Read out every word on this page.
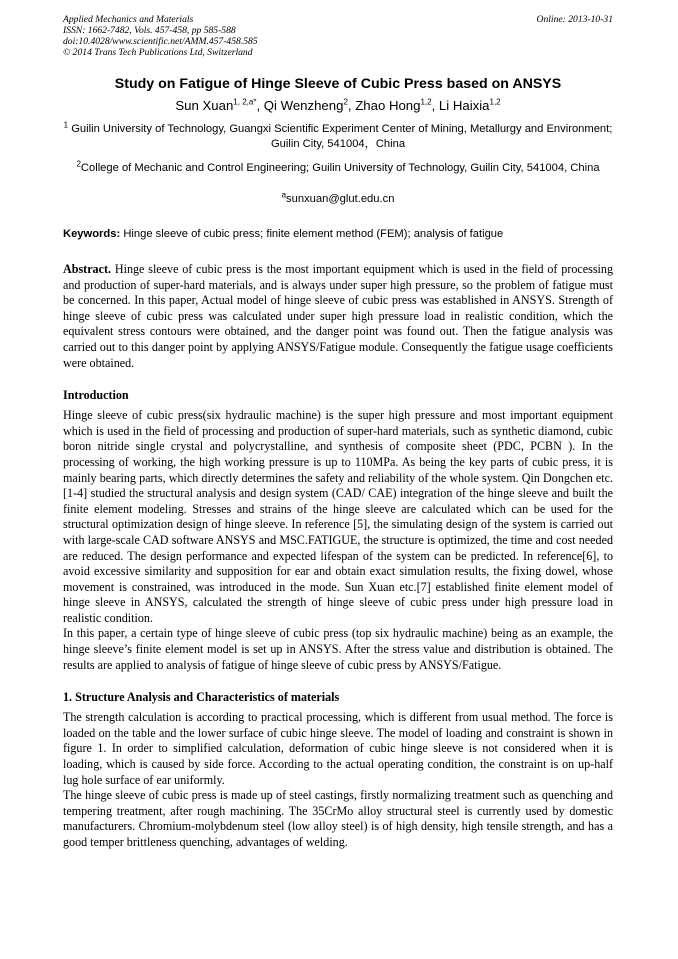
Applied Mechanics and Materials
ISSN: 1662-7482, Vols. 457-458, pp 585-588
doi:10.4028/www.scientific.net/AMM.457-458.585
© 2014 Trans Tech Publications Ltd, Switzerland
Online: 2013-10-31
Study on Fatigue of Hinge Sleeve of Cubic Press based on ANSYS
Sun Xuan$^{1, 2,a*}$, Qi Wenzheng$^2$, Zhao Hong$^{1,2}$, Li Haixia$^{1,2}$
$^1$ Guilin University of Technology, Guangxi Scientific Experiment Center of Mining, Metallurgy and Environment; Guilin City, 541004，China
$^2$College of Mechanic and Control Engineering; Guilin University of Technology, Guilin City, 541004, China
$^a$sunxuan@glut.edu.cn
Keywords: Hinge sleeve of cubic press; finite element method (FEM); analysis of fatigue
Abstract. Hinge sleeve of cubic press is the most important equipment which is used in the field of processing and production of super-hard materials, and is always under super high pressure, so the problem of fatigue must be concerned. In this paper, Actual model of hinge sleeve of cubic press was established in ANSYS. Strength of hinge sleeve of cubic press was calculated under super high pressure load in realistic condition, which the equivalent stress contours were obtained, and the danger point was found out. Then the fatigue analysis was carried out to this danger point by applying ANSYS/Fatigue module. Consequently the fatigue usage coefficients were obtained.
Introduction
Hinge sleeve of cubic press(six hydraulic machine) is the super high pressure and most important equipment which is used in the field of processing and production of super-hard materials, such as synthetic diamond, cubic boron nitride single crystal and polycrystalline, and synthesis of composite sheet (PDC, PCBN ). In the processing of working, the high working pressure is up to 110MPa. As being the key parts of cubic press, it is mainly bearing parts, which directly determines the safety and reliability of the whole system. Qin Dongchen etc.[1-4] studied the structural analysis and design system (CAD/ CAE) integration of the hinge sleeve and built the finite element modeling. Stresses and strains of the hinge sleeve are calculated which can be used for the structural optimization design of hinge sleeve. In reference [5], the simulating design of the system is carried out with large-scale CAD software ANSYS and MSC.FATIGUE, the structure is optimized, the time and cost needed are reduced. The design performance and expected lifespan of the system can be predicted. In reference[6], to avoid excessive similarity and supposition for ear and obtain exact simulation results, the fixing dowel, whose movement is constrained, was introduced in the mode. Sun Xuan etc.[7] established finite element model of hinge sleeve in ANSYS, calculated the strength of hinge sleeve of cubic press under high pressure load in realistic condition.
In this paper, a certain type of hinge sleeve of cubic press (top six hydraulic machine) being as an example, the hinge sleeve’s finite element model is set up in ANSYS. After the stress value and distribution is obtained. The results are applied to analysis of fatigue of hinge sleeve of cubic press by ANSYS/Fatigue.
1. Structure Analysis and Characteristics of materials
The strength calculation is according to practical processing, which is different from usual method. The force is loaded on the table and the lower surface of cubic hinge sleeve. The model of loading and constraint is shown in figure 1. In order to simplified calculation, deformation of cubic hinge sleeve is not considered when it is loading, which is caused by side force. According to the actual operating condition, the constraint is on up-half lug hole surface of ear uniformly.
The hinge sleeve of cubic press is made up of steel castings, firstly normalizing treatment such as quenching and tempering treatment, after rough machining. The 35CrMo alloy structural steel is currently used by domestic manufacturers. Chromium-molybdenum steel (low alloy steel) is of high density, high tensile strength, and has a good temper brittleness quenching, advantages of welding.
